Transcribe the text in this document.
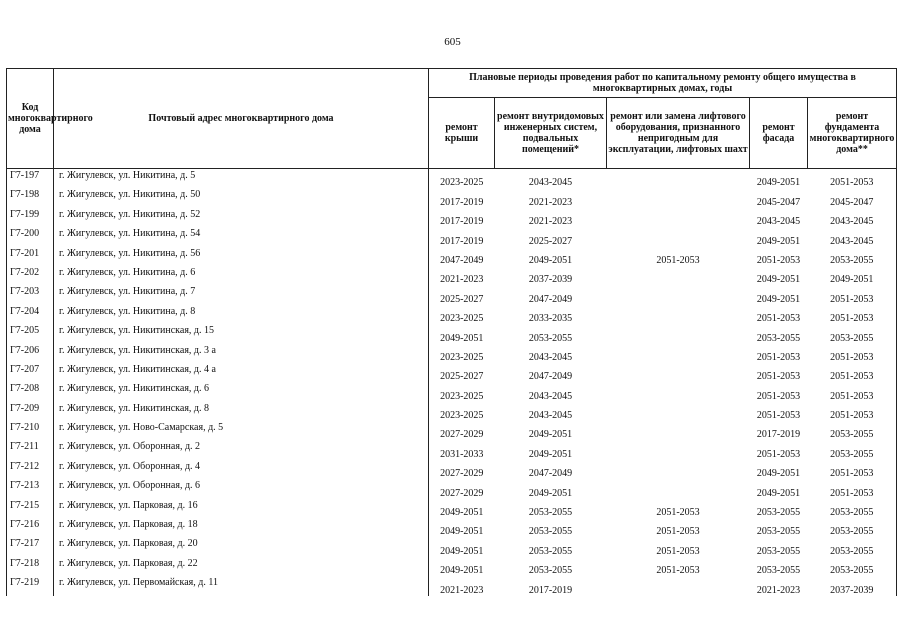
605
Код многоквартирного дома	Почтовый адрес многоквартирного дома	Плановые периоды проведения работ по капитальному ремонту общего имущества в многоквартирных домах, годы				
		ремонт крыши	ремонт внутридомовых инженерных систем, подвальных помещений*	ремонт или замена лифтового оборудования, признанного непригодным для эксплуатации, лифтовых шахт	ремонт фасада	ремонт фундамента многоквартирного дома**
Г7-197	г. Жигулевск, ул. Никитина, д. 5	2023-2025	2043-2045		2049-2051	2051-2053
Г7-198	г. Жигулевск, ул. Никитина, д. 50	2017-2019	2021-2023		2045-2047	2045-2047
Г7-199	г. Жигулевск, ул. Никитина, д. 52	2017-2019	2021-2023		2043-2045	2043-2045
Г7-200	г. Жигулевск, ул. Никитина, д. 54	2017-2019	2025-2027		2049-2051	2043-2045
Г7-201	г. Жигулевск, ул. Никитина, д. 56	2047-2049	2049-2051	2051-2053	2051-2053	2053-2055
Г7-202	г. Жигулевск, ул. Никитина, д. 6	2021-2023	2037-2039		2049-2051	2049-2051
Г7-203	г. Жигулевск, ул. Никитина, д. 7	2025-2027	2047-2049		2049-2051	2051-2053
Г7-204	г. Жигулевск, ул. Никитина, д. 8	2023-2025	2033-2035		2051-2053	2051-2053
Г7-205	г. Жигулевск, ул. Никитинская, д. 15	2049-2051	2053-2055		2053-2055	2053-2055
Г7-206	г. Жигулевск, ул. Никитинская, д. 3 а	2023-2025	2043-2045		2051-2053	2051-2053
Г7-207	г. Жигулевск, ул. Никитинская, д. 4 а	2025-2027	2047-2049		2051-2053	2051-2053
Г7-208	г. Жигулевск, ул. Никитинская, д. 6	2023-2025	2043-2045		2051-2053	2051-2053
Г7-209	г. Жигулевск, ул. Никитинская, д. 8	2023-2025	2043-2045		2051-2053	2051-2053
Г7-210	г. Жигулевск, ул. Ново-Самарская, д. 5	2027-2029	2049-2051		2017-2019	2053-2055
Г7-211	г. Жигулевск, ул. Оборонная, д. 2	2031-2033	2049-2051		2051-2053	2053-2055
Г7-212	г. Жигулевск, ул. Оборонная, д. 4	2027-2029	2047-2049		2049-2051	2051-2053
Г7-213	г. Жигулевск, ул. Оборонная, д. 6	2027-2029	2049-2051		2049-2051	2051-2053
Г7-215	г. Жигулевск, ул. Парковая, д. 16	2049-2051	2053-2055	2051-2053	2053-2055	2053-2055
Г7-216	г. Жигулевск, ул. Парковая, д. 18	2049-2051	2053-2055	2051-2053	2053-2055	2053-2055
Г7-217	г. Жигулевск, ул. Парковая, д. 20	2049-2051	2053-2055	2051-2053	2053-2055	2053-2055
Г7-218	г. Жигулевск, ул. Парковая, д. 22	2049-2051	2053-2055	2051-2053	2053-2055	2053-2055
Г7-219	г. Жигулевск, ул. Первомайская, д. 11	2021-2023	2017-2019		2021-2023	2037-2039
